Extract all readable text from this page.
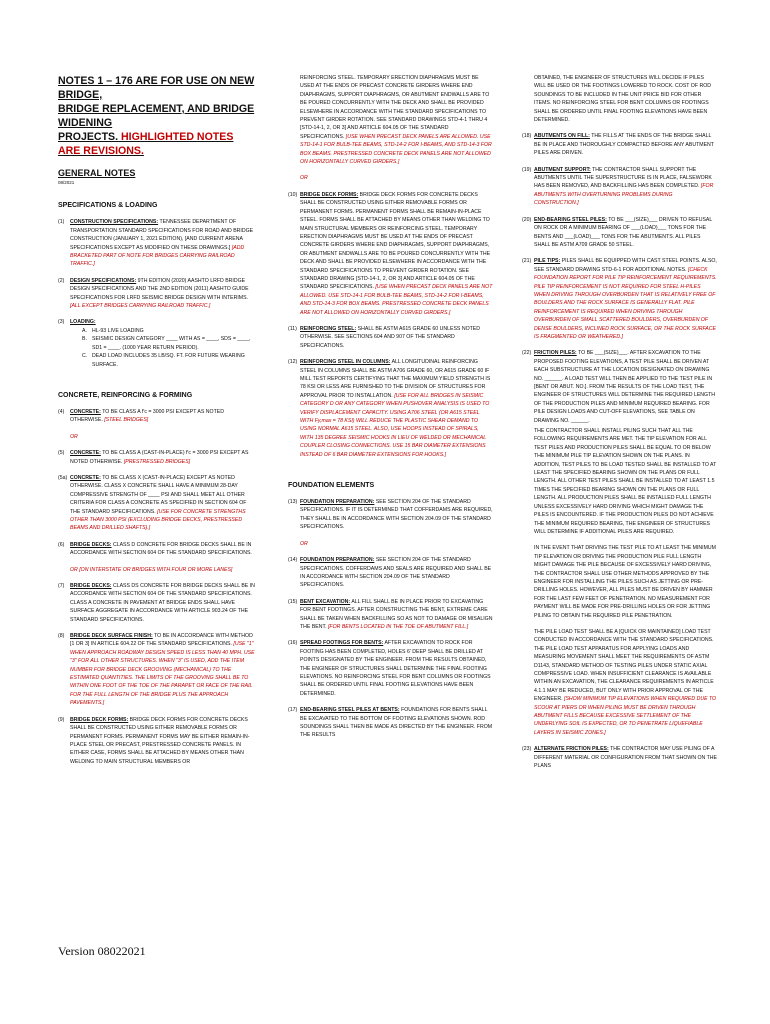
NOTES 1 – 176 ARE FOR USE ON NEW BRIDGE,
BRIDGE REPLACEMENT, AND BRIDGE WIDENING
PROJECTS. HIGHLIGHTED NOTES ARE REVISIONS.
GENERAL NOTES
08/2021
SPECIFICATIONS & LOADING
(1)	CONSTRUCTION SPECIFICATIONS: TENNESSEE DEPARTMENT OF TRANSPORTATION STANDARD SPECIFICATIONS FOR ROAD AND BRIDGE CONSTRUCTION (JANUARY 1, 2021 EDITION), [AND CURRENT ARENA SPECIFICATIONS EXCEPT AS MODIFIED ON THESE DRAWINGS.] [ADD BRACKETED PART OF NOTE FOR BRIDGES CARRYING RAILROAD TRAFFIC.]
(2)	DESIGN SPECIFICATIONS: 9TH EDITION (2020) AASHTO LRFD BRIDGE DESIGN SPECIFICATIONS AND THE 2ND EDITION (2011) AASHTO GUIDE SPECIFICATIONS FOR LRFD SEISMIC BRIDGE DESIGN WITH INTERIMS. [ALL EXCEPT BRIDGES CARRYING RAILROAD TRAFFIC.]
(3)	LOADING:
A. HL-93 LIVE LOADING
B. SEISMIC DESIGN CATEGORY ____ WITH AS = ____, SDS = ____, SD1 = ____. (1000 YEAR RETURN PERIOD).
C. DEAD LOAD INCLUDES 35 LB/SQ. FT. FOR FUTURE WEARING SURFACE.
CONCRETE, REINFORCING & FORMING
(4)	CONCRETE: TO BE CLASS A f'c = 3000 PSI EXCEPT AS NOTED OTHERWISE. [STEEL BRIDGES]
OR
(5)	CONCRETE: TO BE CLASS A (CAST-IN-PLACE) f'c = 3000 PSI EXCEPT AS NOTED OTHERWISE. [PRESTRESSED BRIDGES]
(5a) CONCRETE: TO BE CLASS X (CAST-IN-PLACE) EXCEPT AS NOTED OTHERWISE. CLASS X CONCRETE SHALL HAVE A MINIMUM 28-DAY COMPRESSIVE STRENGTH OF ____ PSI AND SHALL MEET ALL OTHER CRITERIA FOR CLASS A CONCRETE AS SPECIFIED IN SECTION 604 OF THE STANDARD SPECIFICATIONS. [USE FOR CONCRETE STRENGTHS OTHER THAN 3000 PSI (EXCLUDING BRIDGE DECKS, PRESTRESSED BEAMS AND DRILLED SHAFTS).]
(6)	BRIDGE DECKS: CLASS D CONCRETE FOR BRIDGE DECKS SHALL BE IN ACCORDANCE WITH SECTION 604 OF THE STANDARD SPECIFICATIONS.
OR [ON INTERSTATE OR BRIDGES WITH FOUR OR MORE LANES]
(7)	BRIDGE DECKS: CLASS DS CONCRETE FOR BRIDGE DECKS SHALL BE IN ACCORDANCE WITH SECTION 604 OF THE STANDARD SPECIFICATIONS. CLASS A CONCRETE IN PAVEMENT AT BRIDGE ENDS SHALL HAVE SURFACE AGGREGATE IN ACCORDANCE WITH ARTICLE 903.24 OF THE STANDARD SPECIFICATIONS.
(8)	BRIDGE DECK SURFACE FINISH: TO BE IN ACCORDANCE WITH METHOD [1 OR 3] IN ARTICLE 604.22 OF THE STANDARD SPECIFICATIONS. [USE "1" WHEN APPROACH ROADWAY DESIGN SPEED IS LESS THAN 40 MPH. USE "3" FOR ALL OTHER STRUCTURES. WHEN "3" IS USED, ADD THE ITEM NUMBER FOR BRIDGE DECK GROOVING (MECHANICAL) TO THE ESTIMATED QUANTITIES. THE LIMITS OF THE GROOVING SHALL BE TO WITHIN ONE FOOT OF THE TOE OF THE PARAPET OR FACE OF THE RAIL FOR THE FULL LENGTH OF THE BRIDGE PLUS THE APPROACH PAVEMENTS.]
(9)	BRIDGE DECK FORMS: BRIDGE DECK FORMS FOR CONCRETE DECKS SHALL BE CONSTRUCTED USING EITHER REMOVABLE FORMS OR PERMANENT FORMS. PERMANENT FORMS MAY BE EITHER REMAIN-IN-PLACE STEEL OR PRECAST, PRESTRESSED CONCRETE PANELS. IN EITHER CASE, FORMS SHALL BE ATTACHED BY MEANS OTHER THAN WELDING TO MAIN STRUCTURAL MEMBERS OR
REINFORCING STEEL. TEMPORARY ERECTION DIAPHRAGMS MUST BE USED AT THE ENDS OF PRECAST CONCRETE GIRDERS WHERE END DIAPHRAGMS, SUPPORT DIAPHRAGMS, OR ABUTMENT ENDWALLS ARE TO BE POURED CONCURRENTLY WITH THE DECK AND SHALL BE PROVIDED ELSEWHERE IN ACCORDANCE WITH THE STANDARD SPECIFICATIONS TO PREVENT GIRDER ROTATION. SEE STANDARD DRAWINGS STD-4-1 THRU 4 [STD-14-1, 2, OR 3] AND ARTICLE 604.05 OF THE STANDARD SPECIFICATIONS. [USE WHEN PRECAST DECK PANELS ARE ALLOWED. USE STD-14-1 FOR BULB-TEE BEAMS, STD-14-2 FOR I-BEAMS, AND STD-14-3 FOR BOX BEAMS. PRESTRESSED CONCRETE DECK PANELS ARE NOT ALLOWED ON HORIZONTALLY CURVED GIRDERS.]
OR
(10) BRIDGE DECK FORMS: BRIDGE DECK FORMS FOR CONCRETE DECKS SHALL BE CONSTRUCTED USING EITHER REMOVABLE FORMS OR PERMANENT FORMS. PERMANENT FORMS SHALL BE REMAIN-IN-PLACE STEEL. FORMS SHALL BE ATTACHED BY MEANS OTHER THAN WELDING TO MAIN STRUCTURAL MEMBERS OR REINFORCING STEEL. TEMPORARY ERECTION DIAPHRAGMS MUST BE USED AT THE ENDS OF PRECAST CONCRETE GIRDERS WHERE END DIAPHRAGMS, SUPPORT DIAPHRAGMS, OR ABUTMENT ENDWALLS ARE TO BE POURED CONCURRENTLY WITH THE DECK AND SHALL BE PROVIDED ELSEWHERE IN ACCORDANCE WITH THE STANDARD SPECIFICATIONS TO PREVENT GIRDER ROTATION. SEE STANDARD DRAWING [STD-14-1, 2, OR 3] AND ARTICLE 604.05 OF THE STANDARD SPECIFICATIONS. [USE WHEN PRECAST DECK PANELS ARE NOT ALLOWED. USE STD-14-1 FOR BULB-TEE BEAMS, STD-14-2 FOR I-BEAMS, AND STD-14-3 FOR BOX BEAMS. PRESTRESSED CONCRETE DECK PANELS ARE NOT ALLOWED ON HORIZONTALLY CURVED GIRDERS.]
(11) REINFORCING STEEL: SHALL BE ASTM A615 GRADE 60 UNLESS NOTED OTHERWISE. SEE SECTIONS 604 AND 907 OF THE STANDARD SPECIFICATIONS.
(12) REINFORCING STEEL IN COLUMNS: ALL LONGITUDINAL REINFORCING STEEL IN COLUMNS SHALL BE ASTM A706 GRADE 60, OR A615 GRADE 60 IF MILL TEST REPORTS CERTIFYING THAT THE MAXIMUM YIELD STRENGTH IS 78 KSI OR LESS ARE FURNISHED TO THE DIVISION OF STRUCTURES FOR APPROVAL PRIOR TO INSTALLATION. [USE FOR ALL BRIDGES IN SEISMIC CATEGORY D OR ANY CATEGORY WHEN PUSHOVER ANALYSIS IS USED TO VERIFY DISPLACEMENT CAPACITY. USING A706 STEEL (OR A615 STEEL WITH Fy,max = 78 KSI) WILL REDUCE THE PLASTIC SHEAR DEMAND TO USING NORMAL A615 STEEL. ALSO, USE HOOPS INSTEAD OF SPIRALS, WITH 135 DEGREE SEISMIC HOOKS IN LIEU OF WELDED OR MECHANICAL COUPLER CLOSING CONNECTIONS. USE 15 BAR DIAMETER EXTENSIONS INSTEAD OF 6 BAR DIAMETER EXTENSIONS FOR HOOKS.]
FOUNDATION ELEMENTS
(13) FOUNDATION PREPARATION: SEE SECTION 204 OF THE STANDARD SPECIFICATIONS. IF IT IS DETERMINED THAT COFFERDAMS ARE REQUIRED, THEY SHALL BE IN ACCORDANCE WITH SECTION 204.09 OF THE STANDARD SPECIFICATIONS.
OR
(14) FOUNDATION PREPARATION: SEE SECTION 204 OF THE STANDARD SPECIFICATIONS. COFFERDAMS AND SEALS ARE REQUIRED AND SHALL BE IN ACCORDANCE WITH SECTION 204.09 OF THE STANDARD SPECIFICATIONS.
(15) BENT EXCAVATION: ALL FILL SHALL BE IN PLACE PRIOR TO EXCAVATING FOR BENT FOOTINGS. AFTER CONSTRUCTING THE BENT, EXTREME CARE SHALL BE TAKEN WHEN BACKFILLING SO AS NOT TO DAMAGE OR MISALIGN THE BENT. [FOR BENTS LOCATED IN THE TOE OF ABUTMENT FILL.]
(16) SPREAD FOOTINGS FOR BENTS: AFTER EXCAVATION TO ROCK FOR FOOTING HAS BEEN COMPLETED, HOLES 6' DEEP SHALL BE DRILLED AT POINTS DESIGNATED BY THE ENGINEER. FROM THE RESULTS OBTAINED, THE ENGINEER OF STRUCTURES SHALL DETERMINE THE FINAL FOOTING ELEVATIONS. NO REINFORCING STEEL FOR BENT COLUMNS OR FOOTINGS SHALL BE ORDERED UNTIL FINAL FOOTING ELEVATIONS HAVE BEEN DETERMINED.
(17) END-BEARING STEEL PILES AT BENTS: FOUNDATIONS FOR BENTS SHALL BE EXCAVATED TO THE BOTTOM OF FOOTING ELEVATIONS SHOWN. ROD SOUNDINGS SHALL THEN BE MADE AS DIRECTED BY THE ENGINEER. FROM THE RESULTS
OBTAINED, THE ENGINEER OF STRUCTURES WILL DECIDE IF PILES WILL BE USED OR THE FOOTINGS LOWERED TO ROCK. COST OF ROD SOUNDINGS TO BE INCLUDED IN THE UNIT PRICE BID FOR OTHER ITEMS. NO REINFORCING STEEL FOR BENT COLUMNS OR FOOTINGS SHALL BE ORDERED UNTIL FINAL FOOTING ELEVATIONS HAVE BEEN DETERMINED.
(18) ABUTMENTS ON FILL: THE FILLS AT THE ENDS OF THE BRIDGE SHALL BE IN PLACE AND THOROUGHLY COMPACTED BEFORE ANY ABUTMENT PILES ARE DRIVEN.
(19) ABUTMENT SUPPORT: THE CONTRACTOR SHALL SUPPORT THE ABUTMENTS UNTIL THE SUPERSTRUCTURE IS IN PLACE, FALSEWORK HAS BEEN REMOVED, AND BACKFILLING HAS BEEN COMPLETED. [FOR ABUTMENTS WITH OVERTURNING PROBLEMS DURING CONSTRUCTION.]
(20) END-BEARING STEEL PILES: TO BE ___(SIZE)___ DRIVEN TO REFUSAL ON ROCK OR A MINIMUM BEARING OF ___(LOAD)___ TONS FOR THE BENTS AND ___(LOAD)___ TONS FOR THE ABUTMENTS. ALL PILES SHALL BE ASTM A709 GRADE 50 STEEL.
(21) PILE TIPS: PILES SHALL BE EQUIPPED WITH CAST STEEL POINTS. ALSO, SEE STANDARD DRAWING STD-6-1 FOR ADDITIONAL NOTES. [CHECK FOUNDATION REPORT FOR PILE TIP REINFORCEMENT REQUIREMENTS. PILE TIP REINFORCEMENT IS NOT REQUIRED FOR STEEL H-PILES WHEN DRIVING THROUGH OVERBURDEN THAT IS RELATIVELY FREE OF BOULDERS AND THE ROCK SURFACE IS GENERALLY FLAT. PILE REINFORCEMENT IS REQUIRED WHEN DRIVING THROUGH OVERBURDEN OF SMALL SCATTERED BOULDERS, OVERBURDEN OF DENSE BOULDERS, INCLINED ROCK SURFACE, OR THE ROCK SURFACE IS FRAGMENTED OR WEATHERED.]
(22) FRICTION PILES: TO BE ___(SIZE)___. AFTER EXCAVATION TO THE PROPOSED FOOTING ELEVATIONS, A TEST PILE SHALL BE DRIVEN AT EACH SUBSTRUCTURE AT THE LOCATION DESIGNATED ON DRAWING NO. ______. A LOAD TEST WILL THEN BE APPLIED TO THE TEST PILE IN [BENT OR ABUT. NO.]. FROM THE RESULTS OF THE LOAD TEST, THE ENGINEER OF STRUCTURES WILL DETERMINE THE REQUIRED LENGTH OF THE PRODUCTION PILES AND MINIMUM REQUIRED BEARING. FOR PILE DESIGN LOADS AND CUT-OFF ELEVATIONS, SEE TABLE ON DRAWING NO. ______.
THE CONTRACTOR SHALL INSTALL PILING SUCH THAT ALL THE FOLLOWING REQUIREMENTS ARE MET. THE TIP ELEVATION FOR ALL TEST PILES AND PRODUCTION PILES SHALL BE EQUAL TO OR BELOW THE MINIMUM PILE TIP ELEVATION SHOWN ON THE PLANS. IN ADDITION, TEST PILES TO BE LOAD TESTED SHALL BE INSTALLED TO AT LEAST THE SPECIFIED BEARING SHOWN ON THE PLANS OR FULL LENGTH. ALL OTHER TEST PILES SHALL BE INSTALLED TO AT LEAST 1.5 TIMES THE SPECIFIED BEARING SHOWN ON THE PLANS OR FULL LENGTH. ALL PRODUCTION PILES SHALL BE INSTALLED FULL LENGTH UNLESS EXCESSIVELY HARD DRIVING WHICH MIGHT DAMAGE THE PILES IS ENCOUNTERED. IF THE PRODUCTION PILES DO NOT ACHIEVE THE MINIMUM REQUIRED BEARING, THE ENGINEER OF STRUCTURES WILL DETERMINE IF ADDITIONAL PILES ARE REQUIRED.
IN THE EVENT THAT DRIVING THE TEST PILE TO AT LEAST THE MINIMUM TIP ELEVATION OR DRIVING THE PRODUCTION PILE FULL LENGTH MIGHT DAMAGE THE PILE BECAUSE OF EXCESSIVELY HARD DRIVING, THE CONTRACTOR SHALL USE OTHER METHODS APPROVED BY THE ENGINEER FOR INSTALLING THE PILES SUCH AS JETTING OR PRE-DRILLING HOLES. HOWEVER, ALL PILES MUST BE DRIVEN BY HAMMER FOR THE LAST FEW FEET OF PENETRATION. NO MEASUREMENT FOR PAYMENT WILL BE MADE FOR PRE-DRILLING HOLES OR FOR JETTING PILING TO OBTAIN THE REQUIRED PILE PENETRATION.
THE PILE LOAD TEST SHALL BE A [QUICK OR MAINTAINED] LOAD TEST CONDUCTED IN ACCORDANCE WITH THE STANDARD SPECIFICATIONS. THE PILE LOAD TEST APPARATUS FOR APPLYING LOADS AND MEASURING MOVEMENT SHALL MEET THE REQUIREMENTS OF ASTM D1143, STANDARD METHOD OF TESTING PILES UNDER STATIC AXIAL COMPRESSIVE LOAD. WHEN INSUFFICIENT CLEARANCE IS AVAILABLE WITHIN AN EXCAVATION, THE CLEARANCE REQUIREMENTS IN ARTICLE 4.1.1 MAY BE REDUCED, BUT ONLY WITH PRIOR APPROVAL OF THE ENGINEER. [SHOW MINIMUM TIP ELEVATIONS WHEN REQUIRED DUE TO SCOUR AT PIERS OR WHEN PILING MUST BE DRIVEN THROUGH ABUTMENT FILLS BECAUSE EXCESSIVE SETTLEMENT OF THE UNDERLYING SOIL IS EXPECTED, OR TO PENETRATE LIQUEFIABLE LAYERS IN SEISMIC ZONES.]
(23) ALTERNATE FRICTION PILES: THE CONTRACTOR MAY USE PILING OF A DIFFERENT MATERIAL OR CONFIGURATION FROM THAT SHOWN ON THE PLANS
Version 08022021
